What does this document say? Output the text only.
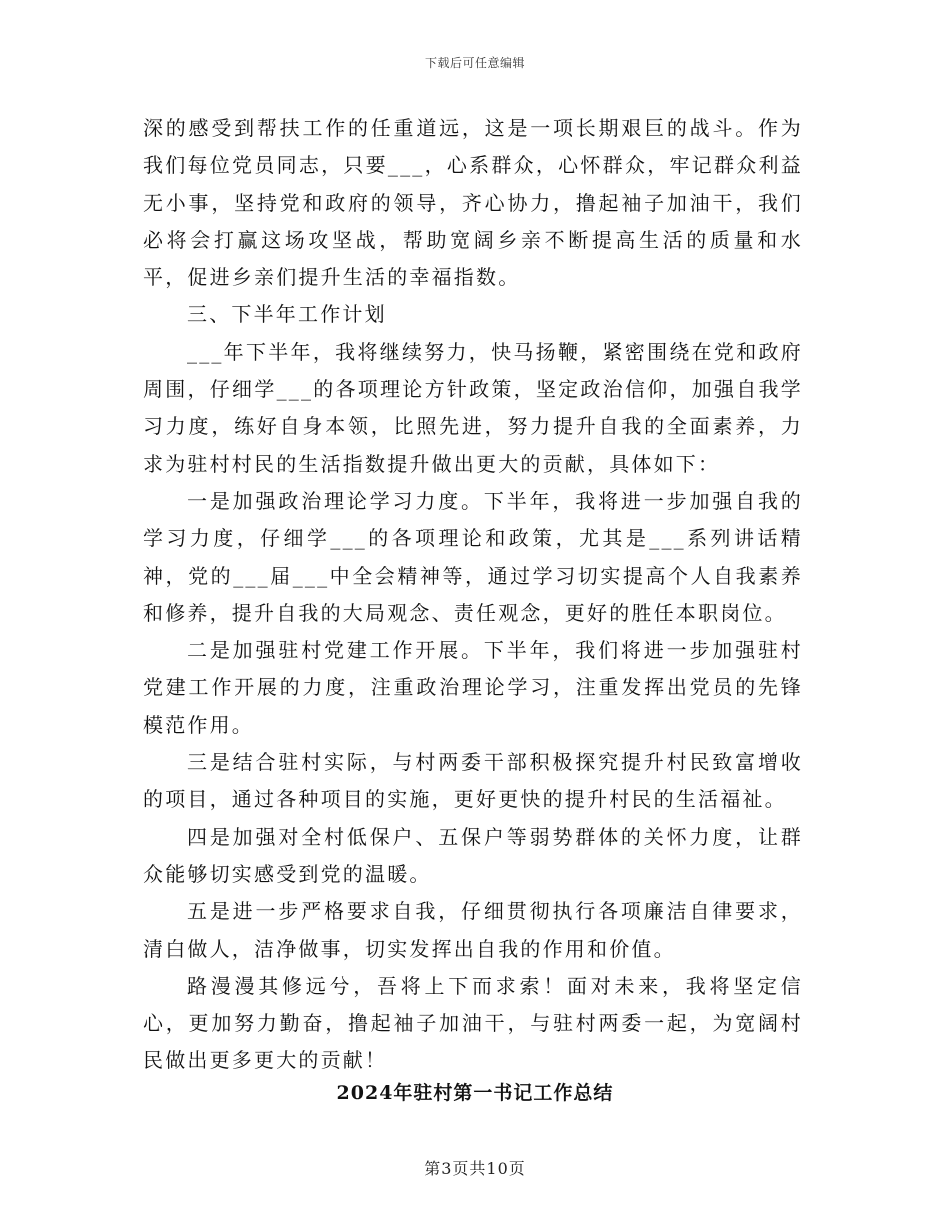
下载后可任意编辑

深的感受到帮扶工作的任重道远，这是一项长期艰巨的战斗。作为我们每位党员同志，只要___，心系群众，心怀群众，牢记群众利益无小事，坚持党和政府的领导，齐心协力，撸起袖子加油干，我们必将会打赢这场攻坚战，帮助宽阔乡亲不断提高生活的质量和水平，促进乡亲们提升生活的幸福指数。

三、下半年工作计划

___年下半年，我将继续努力，快马扬鞭，紧密围绕在党和政府周围，仔细学___的各项理论方针政策，坚定政治信仰，加强自我学习力度，练好自身本领，比照先进，努力提升自我的全面素养，力求为驻村村民的生活指数提升做出更大的贡献，具体如下：

一是加强政治理论学习力度。下半年，我将进一步加强自我的学习力度，仔细学___的各项理论和政策，尤其是___系列讲话精神，党的___届___中全会精神等，通过学习切实提高个人自我素养和修养，提升自我的大局观念、责任观念，更好的胜任本职岗位。

二是加强驻村党建工作开展。下半年，我们将进一步加强驻村党建工作开展的力度，注重政治理论学习，注重发挥出党员的先锋模范作用。

三是结合驻村实际，与村两委干部积极探究提升村民致富增收的项目，通过各种项目的实施，更好更快的提升村民的生活福祉。

四是加强对全村低保户、五保户等弱势群体的关怀力度，让群众能够切实感受到党的温暖。

五是进一步严格要求自我，仔细贯彻执行各项廉洁自律要求，清白做人，洁净做事，切实发挥出自我的作用和价值。

路漫漫其修远兮，吾将上下而求索！面对未来，我将坚定信心，更加努力勤奋，撸起袖子加油干，与驻村两委一起，为宽阔村民做出更多更大的贡献！

2024年驻村第一书记工作总结
第3页共10页
